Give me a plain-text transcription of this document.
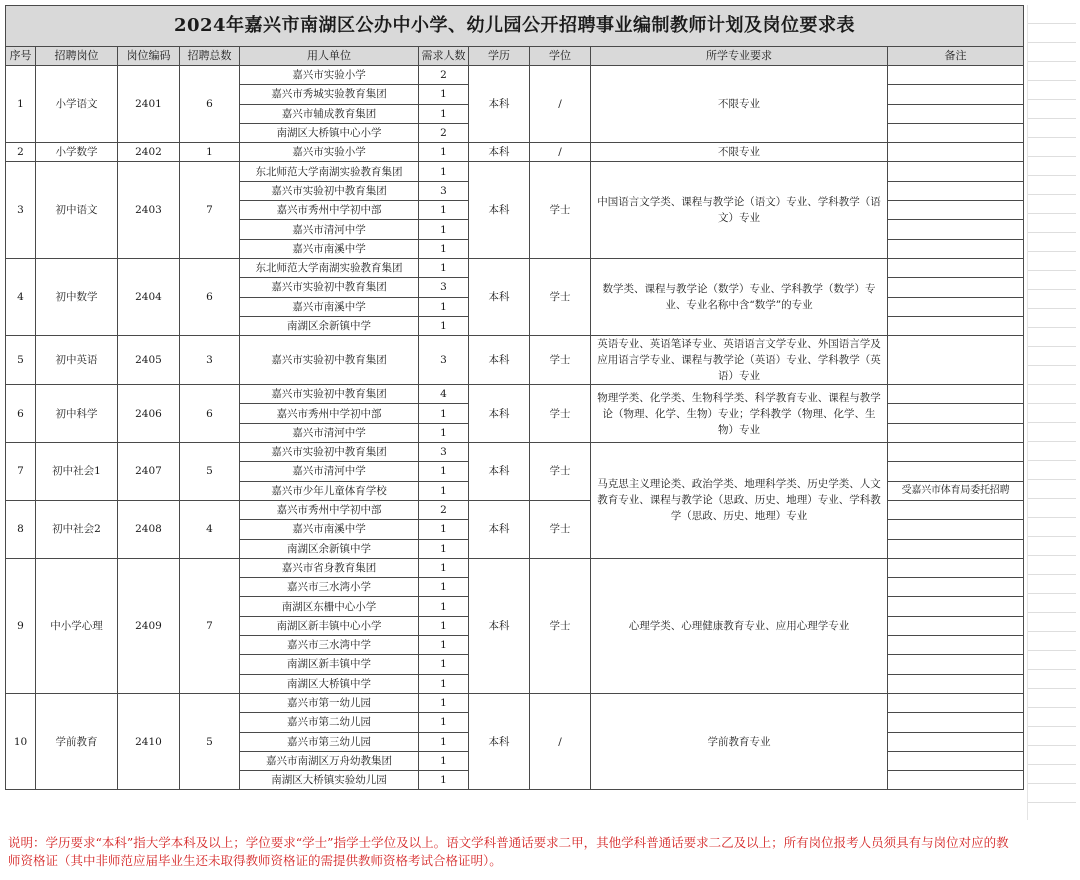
2024年嘉兴市南湖区公办中小学、幼儿园公开招聘事业编制教师计划及岗位要求表									
序号	招聘岗位	岗位编码	招聘总数	用人单位	需求人数	学历	学位	所学专业要求	备注
1	小学语文	2401	6	嘉兴市实验小学	2	本科	/	不限专业	
				嘉兴市秀城实验教育集团	1				
				嘉兴市辅成教育集团	1				
				南湖区大桥镇中心小学	2				
2	小学数学	2402	1	嘉兴市实验小学	1	本科	/	不限专业	
3	初中语文	2403	7	东北师范大学南湖实验教育集团	1	本科	学士	中国语言文学类、课程与教学论（语文）专业、学科教学（语文）专业	
				嘉兴市实验初中教育集团	3				
				嘉兴市秀州中学初中部	1				
				嘉兴市清河中学	1				
				嘉兴市南溪中学	1				
4	初中数学	2404	6	东北师范大学南湖实验教育集团	1	本科	学士	数学类、课程与教学论（数学）专业、学科教学（数学）专业、专业名称中含“数学”的专业	
				嘉兴市实验初中教育集团	3				
				嘉兴市南溪中学	1				
				南湖区余新镇中学	1				
5	初中英语	2405	3	嘉兴市实验初中教育集团	3	本科	学士	英语专业、英语笔译专业、英语语言文学专业、外国语言学及应用语言学专业、课程与教学论（英语）专业、学科教学（英语）专业	
6	初中科学	2406	6	嘉兴市实验初中教育集团	4	本科	学士	物理学类、化学类、生物科学类、科学教育专业、课程与教学论（物理、化学、生物）专业；学科教学（物理、化学、生物）专业	
				嘉兴市秀州中学初中部	1				
				嘉兴市清河中学	1				
7	初中社会1	2407	5	嘉兴市实验初中教育集团	3	本科	学士	马克思主义理论类、政治学类、地理科学类、历史学类、人文教育专业、课程与教学论（思政、历史、地理）专业、学科教学（思政、历史、地理）专业	
				嘉兴市清河中学	1				
				嘉兴市少年儿童体育学校	1				受嘉兴市体育局委托招聘
8	初中社会2	2408	4	嘉兴市秀州中学初中部	2	本科	学士		
				嘉兴市南溪中学	1				
				南湖区余新镇中学	1				
9	中小学心理	2409	7	嘉兴市省身教育集团	1	本科	学士	心理学类、心理健康教育专业、应用心理学专业	
				嘉兴市三水湾小学	1				
				南湖区东栅中心小学	1				
				南湖区新丰镇中心小学	1				
				嘉兴市三水湾中学	1				
				南湖区新丰镇中学	1				
				南湖区大桥镇中学	1				
10	学前教育	2410	5	嘉兴市第一幼儿园	1	本科	/	学前教育专业	
				嘉兴市第二幼儿园	1				
				嘉兴市第三幼儿园	1				
				嘉兴市南湖区万舟幼教集团	1				
				南湖区大桥镇实验幼儿园	1				
说明：学历要求“本科”指大学本科及以上；学位要求“学士”指学士学位及以上。语文学科普通话要求二甲，其他学科普通话要求二乙及以上；所有岗位报考人员须具有与岗位对应的教师资格证（其中非师范应届毕业生还未取得教师资格证的需提供教师资格考试合格证明）。
